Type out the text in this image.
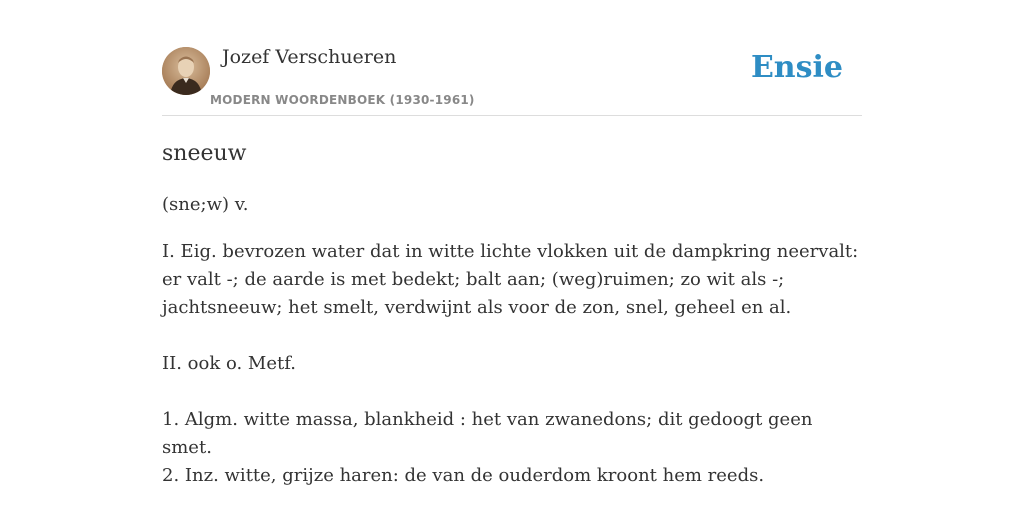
Jozef Verschueren
MODERN WOORDENBOEK (1930-1961)
Ensie
sneeuw
(sne;w) v.

I. Eig. bevrozen water dat in witte lichte vlokken uit de dampkring neervalt: er valt -; de aarde is met bedekt; balt aan; (weg)ruimen; zo wit als -; jachtsneeuw; het smelt, verdwijnt als voor de zon, snel, geheel en al.

II. ook o. Metf.

1. Algm. witte massa, blankheid : het van zwanedons; dit gedoogt geen smet.

2. Inz. witte, grijze haren: de van de ouderdom kroont hem reeds.
